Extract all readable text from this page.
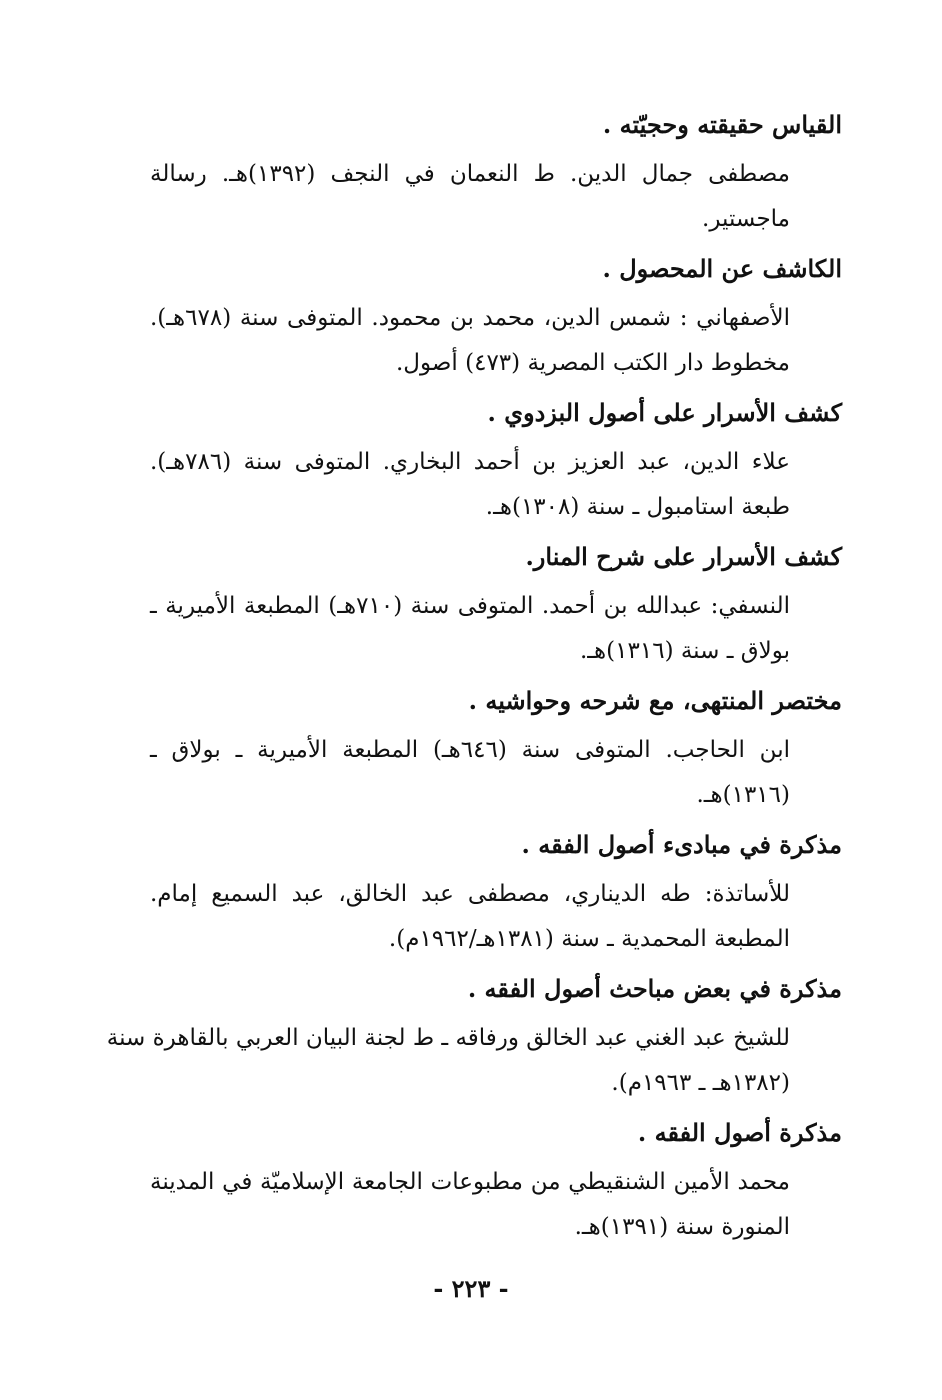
القياس حقيقته وحجيّته .

مصطفى جمال الدين. ط النعمان في النجف (١٣٩٢)هـ. رسالة
ماجستير.

الكاشف عن المحصول .

الأصفهاني : شمس الدين، محمد بن محمود. المتوفى سنة (٦٧٨هـ).
مخطوط دار الكتب المصرية (٤٧٣) أصول.

كشف الأسرار على أصول البزدوي .

علاء الدين، عبد العزيز بن أحمد البخاري. المتوفى سنة (٧٨٦هـ).
طبعة استامبول ـ سنة (١٣٠٨)هـ.

كشف الأسرار على شرح المنار.

النسفي: عبدالله بن أحمد. المتوفى سنة (٧١٠هـ) المطبعة الأميرية ـ
بولاق ـ سنة (١٣١٦)هـ.

مختصر المنتهى، مع شرحه وحواشيه .

ابن الحاجب. المتوفى سنة (٦٤٦هـ) المطبعة الأميرية ـ بولاق ـ
(١٣١٦)هـ.

مذكرة في مبادىء أصول الفقه .

للأساتذة: طه الديناري، مصطفى عبد الخالق، عبد السميع إمام.
المطبعة المحمدية ـ سنة (١٣٨١هـ/١٩٦٢م).

مذكرة في بعض مباحث أصول الفقه .

للشيخ عبد الغني عبد الخالق ورفاقه ـ ط لجنة البيان العربي بالقاهرة سنة
(١٣٨٢هـ ـ ١٩٦٣م).

مذكرة أصول الفقه .

محمد الأمين الشنقيطي من مطبوعات الجامعة الإسلاميّة في المدينة
المنورة سنة (١٣٩١)هـ.
- ٢٢٣ -
